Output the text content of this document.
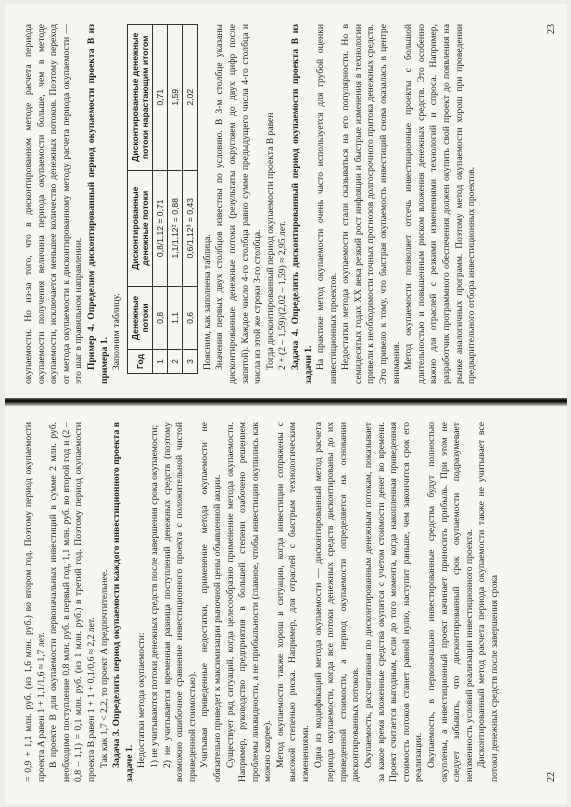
= 0,9 + 1,1 млн. руб. (из 1,6 млн. руб.) во втором год. Поэтому период окупаемости проекта A равен 1 + 1,1/1,6 ≈ 1,7 лет. В проекте B для окупаемости первоначальных инвестиций в сумме 2 млн. руб. необходимо поступление 0,8 млн. руб. в первый год, 1,1 млн. руб. во второй год и (2 – 0,8 – 1,1) = 0,1 млн. руб. (из 1 млн. руб.) в третий год. Поэтому период окупаемости проекта B равен 1 + 1 + 0,1/0,6 ≈ 2,2 лет. Так как 1,7 < 2,2, то проект A предпочтительнее. Задача 3. Определить период окупаемости каждого инвестиционного проекта в задаче 1. Недостатки метода окупаемости: 1) не учитываются потоки денежных средств после завершения срока окупаемости; 2) не учитывается временная разница поступлений денежных средств (поэтому возможно ошибочное сравнение инвестиционного проекта с положительной чистой приведенной стоимостью). Учитывая приведенные недостатки, применение метода окупаемости не обязательно приведет к максимизации рыночной цены объявленной акции. Существует ряд ситуаций, когда целесообразно применение метода окупаемости. Например, руководство предприятия в большей степени озабочено решением проблемы ликвидности, а не прибыльности (главное, чтобы инвестиции окупились как можно скорее). Метод окупаемости также хорош в ситуации, когда инвестиции сопряжены с высокой степенью риска. Например, для отраслей с быстрым технологическим изменениями. Одна из модификаций метода окупаемости — дисконтированный метод расчета периода окупаемости, когда все потоки денежных средств дисконтированы до их приведенной стоимости, а период окупаемости определяется на основании дисконтированных потоков. Окупаемость, рассчитанная по дисконтированным денежным потокам, показывает за какое время вложенные средства окупятся с учетом стоимости денег во времени. Проект считается выгодным, если до того момента, когда накопленная приведенная стоимость потоков станет равной нулю, наступит раньше, чем закончится срок его реализации. Окупаемость, в первоначально инвестированные средства будут полностью окуплены, а инвестиционный проект начинает приносить прибыль. При этом не следует забывать, что дисконтированный срок окупаемости подразумевает неизменность условий реализации инвестиционного проекта. Дисконтированный метод расчета периода окупаемости также не учитывает все потоки денежных средств после завершения срока	22

окупаемости. Но из-за того, что в дисконтированном методе расчета периода окупаемости получения величина периода окупаемости больше, чем в методе окупаемости, исключается меньшее количество денежных потоков. Поэтому переход от метода окупаемости к дисконтированному методу расчета периода окупаемости — это шаг в правильном направлении. Пример 4. Определим дисконтированный период окупаемости проекта B из примера 1. Заполним таблицу. Год	Денежные потоки	Дисконтированные денежные потоки	Дисконтированные денежные потоки нарастающим итогом
1	0,8	0,8/1,12 = 0,71	0,71
2	1,1	1,1/1,12² = 0,88	1,59
3	0,6	0,6/1,12³ = 0,43	2,02

Поясним, как заполнена таблица. Значения первых двух столбцов известны по условию. В 3-м столбце указаны дисконтированные денежные потоки (результаты округляем до двух цифр после запятой). Каждое число 4-го столбца равно сумме предыдущего числа 4-го столбца и числа из этой же строки 3-го столбца. Тогда дисконтированный период окупаемости проекта B равен 2 + (2 – 1,59)/(2,02 – 1,59) ≈ 2,95 лет. Задача 4. Определить дисконтированный период окупаемости проекта B из задачи 1. На практике метод окупаемости очень часто используется для грубой оценки инвестиционных проектов. Недостатки метода окупаемости стали сказываться на его популярности. Но в семидесятых годах XX века резкий рост инфляции и быстрые изменения в технологии привели к необходимости точных прогнозов долгосрочного притока денежных средств. Это привело к тому, что быстрая окупаемость инвестиций снова оказалась в центре внимания. Метод окупаемости позволяет отсечь инвестиционные проекты с большой длительностью и повышенным риском вложения денежных средств. Это особенно важно для отраслей с резкими изменениями технологий и спроса. Например, разработчик программного обеспечения должен окупить свой проект до появления на рынке аналогичных программ. Поэтому метод окупаемости хорош при проведении предварительного отбора инвестиционных проектов.

23
